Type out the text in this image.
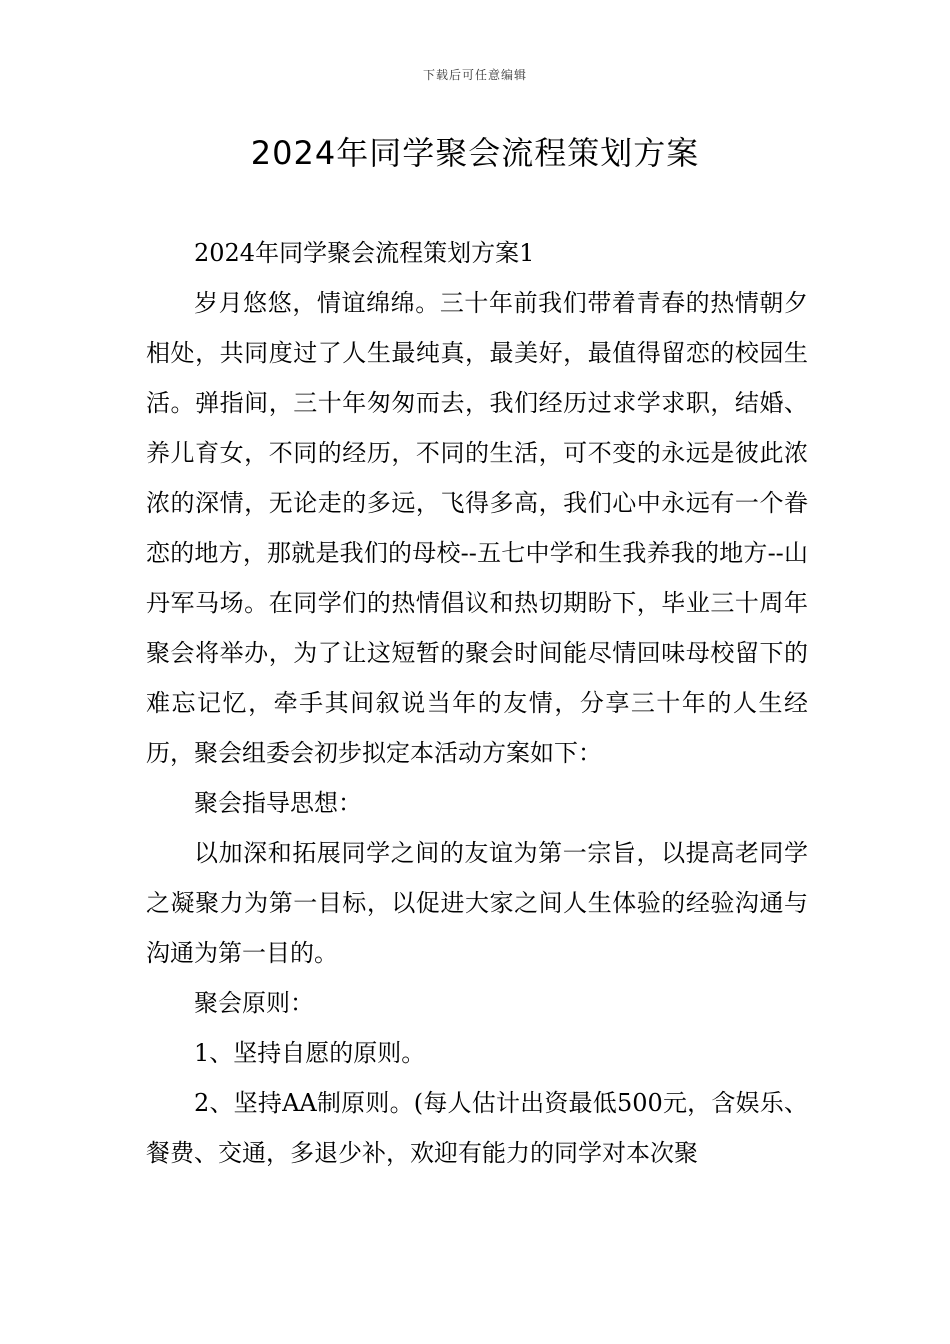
下载后可任意编辑
2024年同学聚会流程策划方案

2024年同学聚会流程策划方案1

岁月悠悠，情谊绵绵。三十年前我们带着青春的热情朝夕相处，共同度过了人生最纯真，最美好，最值得留恋的校园生活。弹指间，三十年匆匆而去，我们经历过求学求职，结婚、养儿育女，不同的经历，不同的生活，可不变的永远是彼此浓浓的深情，无论走的多远，飞得多高，我们心中永远有一个眷恋的地方，那就是我们的母校--五七中学和生我养我的地方--山丹军马场。在同学们的热情倡议和热切期盼下，毕业三十周年聚会将举办，为了让这短暂的聚会时间能尽情回味母校留下的难忘记忆，牵手其间叙说当年的友情，分享三十年的人生经历，聚会组委会初步拟定本活动方案如下：

聚会指导思想：

以加深和拓展同学之间的友谊为第一宗旨，以提高老同学之凝聚力为第一目标，以促进大家之间人生体验的经验沟通与沟通为第一目的。

聚会原则：

1、坚持自愿的原则。

2、坚持AA制原则。(每人估计出资最低500元，含娱乐、餐费、交通，多退少补，欢迎有能力的同学对本次聚
